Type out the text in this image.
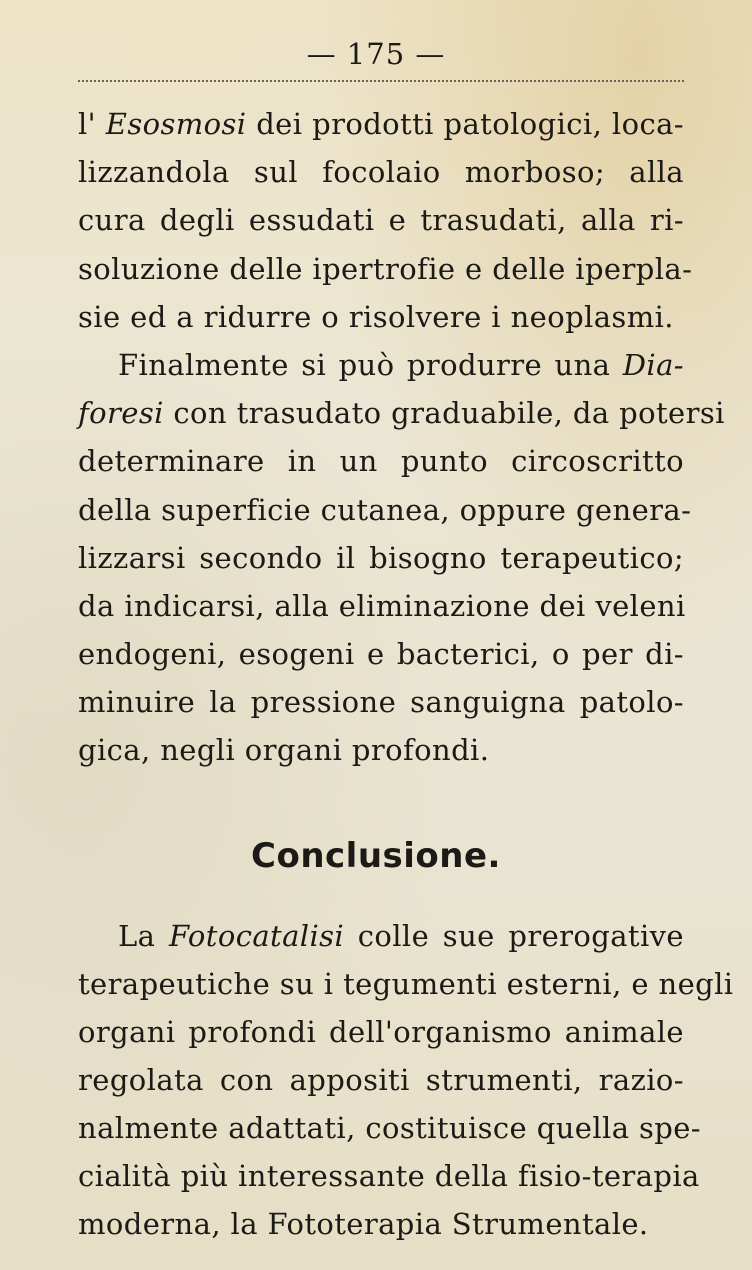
— 175 —
l' Esosmosi dei prodotti patologici, loca-
lizzandola sul focolaio morboso; alla
cura degli essudati e trasudati, alla ri-
soluzione delle ipertrofie e delle iperpla-
sie ed a ridurre o risolvere i neoplasmi.
Finalmente si può produrre una Dia-
foresi con trasudato graduabile, da potersi
determinare in un punto circoscritto
della superficie cutanea, oppure genera-
lizzarsi secondo il bisogno terapeutico;
da indicarsi, alla eliminazione dei veleni
endogeni, esogeni e bacterici, o per di-
minuire la pressione sanguigna patolo-
gica, negli organi profondi.
Conclusione.
La Fotocatalisi colle sue prerogative
terapeutiche su i tegumenti esterni, e negli
organi profondi dell'organismo animale
regolata con appositi strumenti, razio-
nalmente adattati, costituisce quella spe-
cialità più interessante della fisio-terapia
moderna, la Fototerapia Strumentale.
